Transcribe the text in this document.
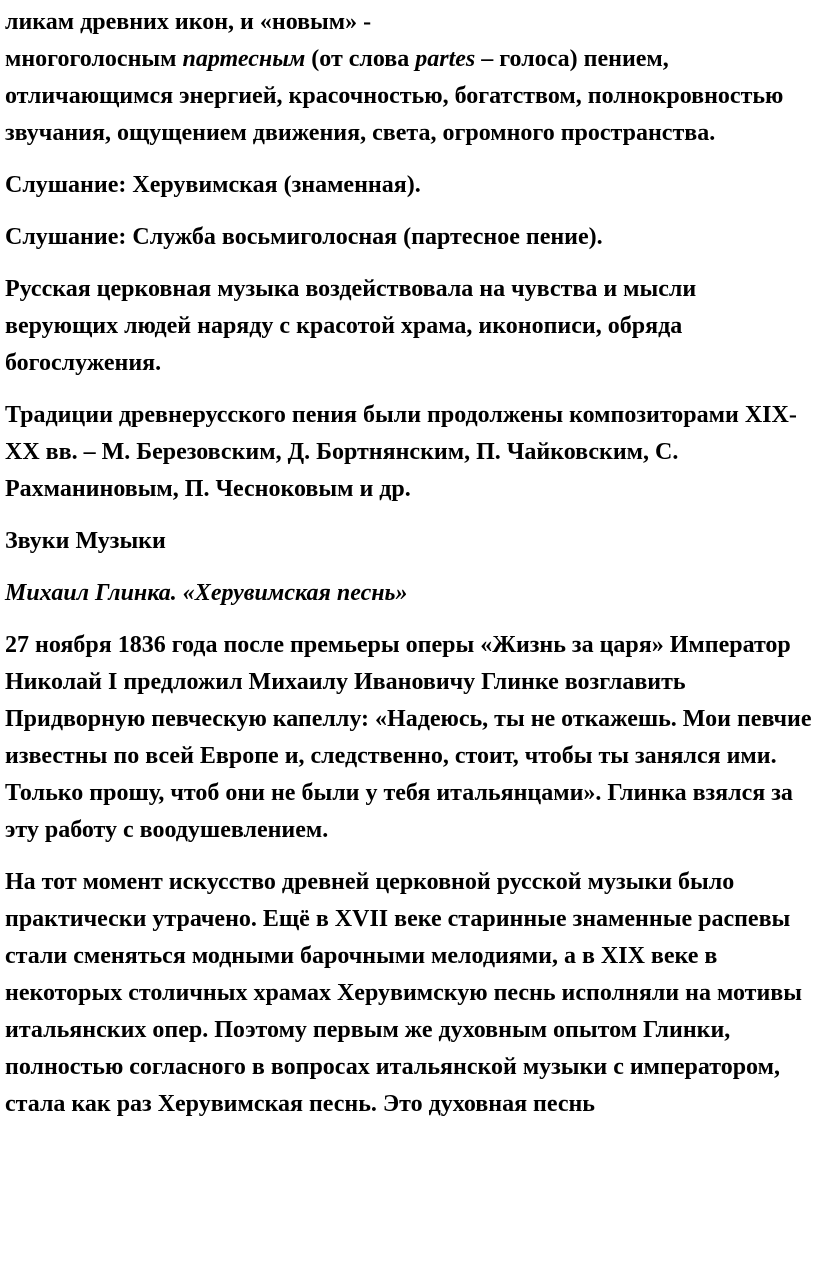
ликам древних икон, и «новым» -
многоголосным партесным (от слова partes – голоса) пением, отличающимся энергией, красочностью, богатством, полнокровностью звучания, ощущением движения, света, огромного пространства.

Слушание: Херувимская (знаменная).

Слушание: Служба восьмиголосная (партесное пение).

Русская церковная музыка воздействовала на чувства и мысли верующих людей наряду с красотой храма, иконописи, обряда богослужения.

Традиции древнерусского пения были продолжены композиторами XIX-XX вв. – М. Березовским, Д. Бортнянским, П. Чайковским, С. Рахманиновым, П. Чесноковым и др.

Звуки Музыки

Михаил Глинка. «Херувимская песнь»

27 ноября 1836 года после премьеры оперы «Жизнь за царя» Император Николай I предложил Михаилу Ивановичу Глинке возглавить Придворную певческую капеллу: «Надеюсь, ты не откажешь. Мои певчие известны по всей Европе и, следственно, стоит, чтобы ты занялся ими. Только прошу, чтоб они не были у тебя итальянцами». Глинка взялся за эту работу с воодушевлением.

На тот момент искусство древней церковной русской музыки было практически утрачено. Ещё в XVII веке старинные знаменные распевы стали сменяться модными барочными мелодиями, а в XIX веке в некоторых столичных храмах Херувимскую песнь исполняли на мотивы итальянских опер. Поэтому первым же духовным опытом Глинки, полностью согласного в вопросах итальянской музыки с императором, стала как раз Херувимская песнь. Это духовная песнь
